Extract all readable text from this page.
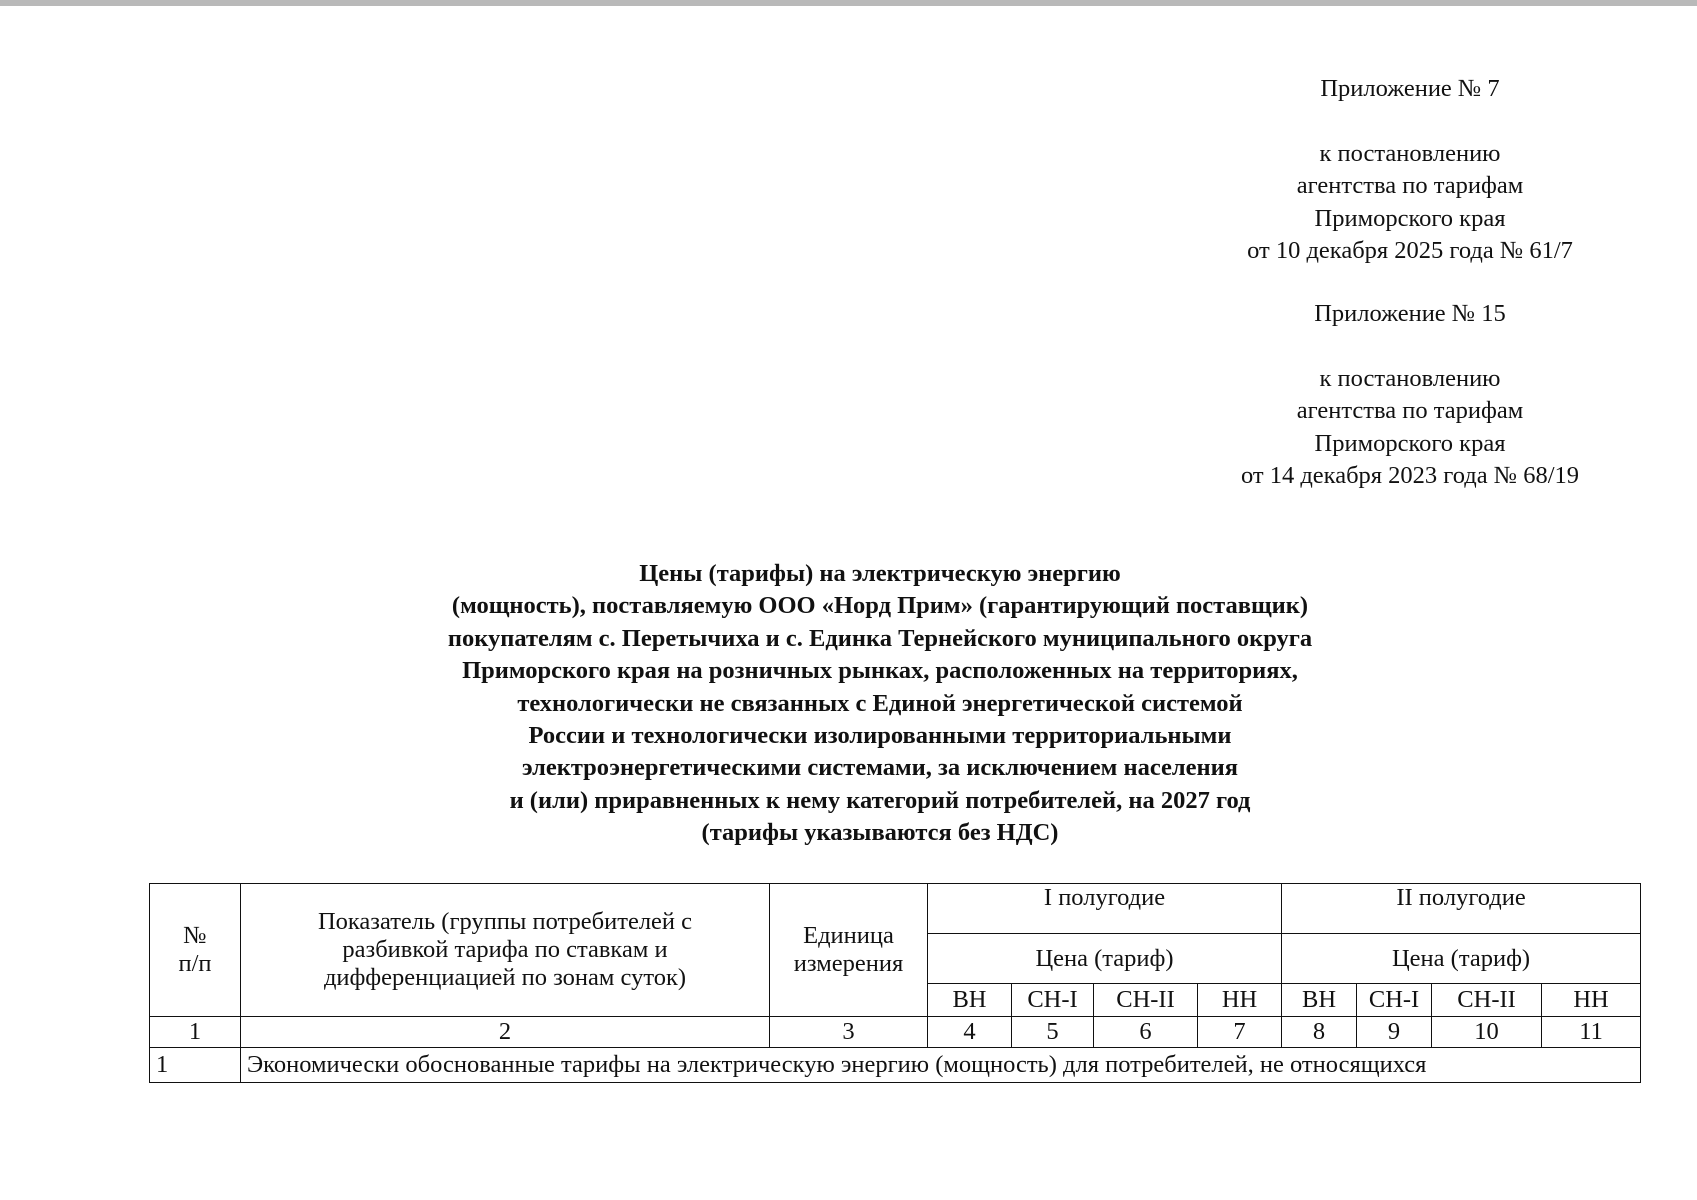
Приложение № 7
к постановлению
агентства по тарифам
Приморского края
от 10 декабря 2025 года № 61/7
Приложение № 15
к постановлению
агентства по тарифам
Приморского края
от 14 декабря 2023 года № 68/19
Цены (тарифы) на электрическую энергию
(мощность), поставляемую ООО «Норд Прим» (гарантирующий поставщик)
покупателям с. Перетычиха и с. Единка Тернейского муниципального округа
Приморского края на розничных рынках, расположенных на территориях,
технологически не связанных с Единой энергетической системой
России и технологически изолированными территориальными
электроэнергетическими системами, за исключением населения
и (или) приравненных к нему категорий потребителей, на 2027 год
(тарифы указываются без НДС)
№
п/п	Показатель (группы потребителей с
разбивкой тарифа по ставкам и
дифференциацией по зонам суток)	Единица
измерения	I полугодие				II полугодие			
			Цена (тариф)				Цена (тариф)			
			ВН	СН-I	СН-II	НН	ВН	СН-I	СН-II	НН
1	2	3	4	5	6	7	8	9	10	11
1	Экономически обоснованные тарифы на электрическую энергию (мощность) для потребителей, не относящихся									
